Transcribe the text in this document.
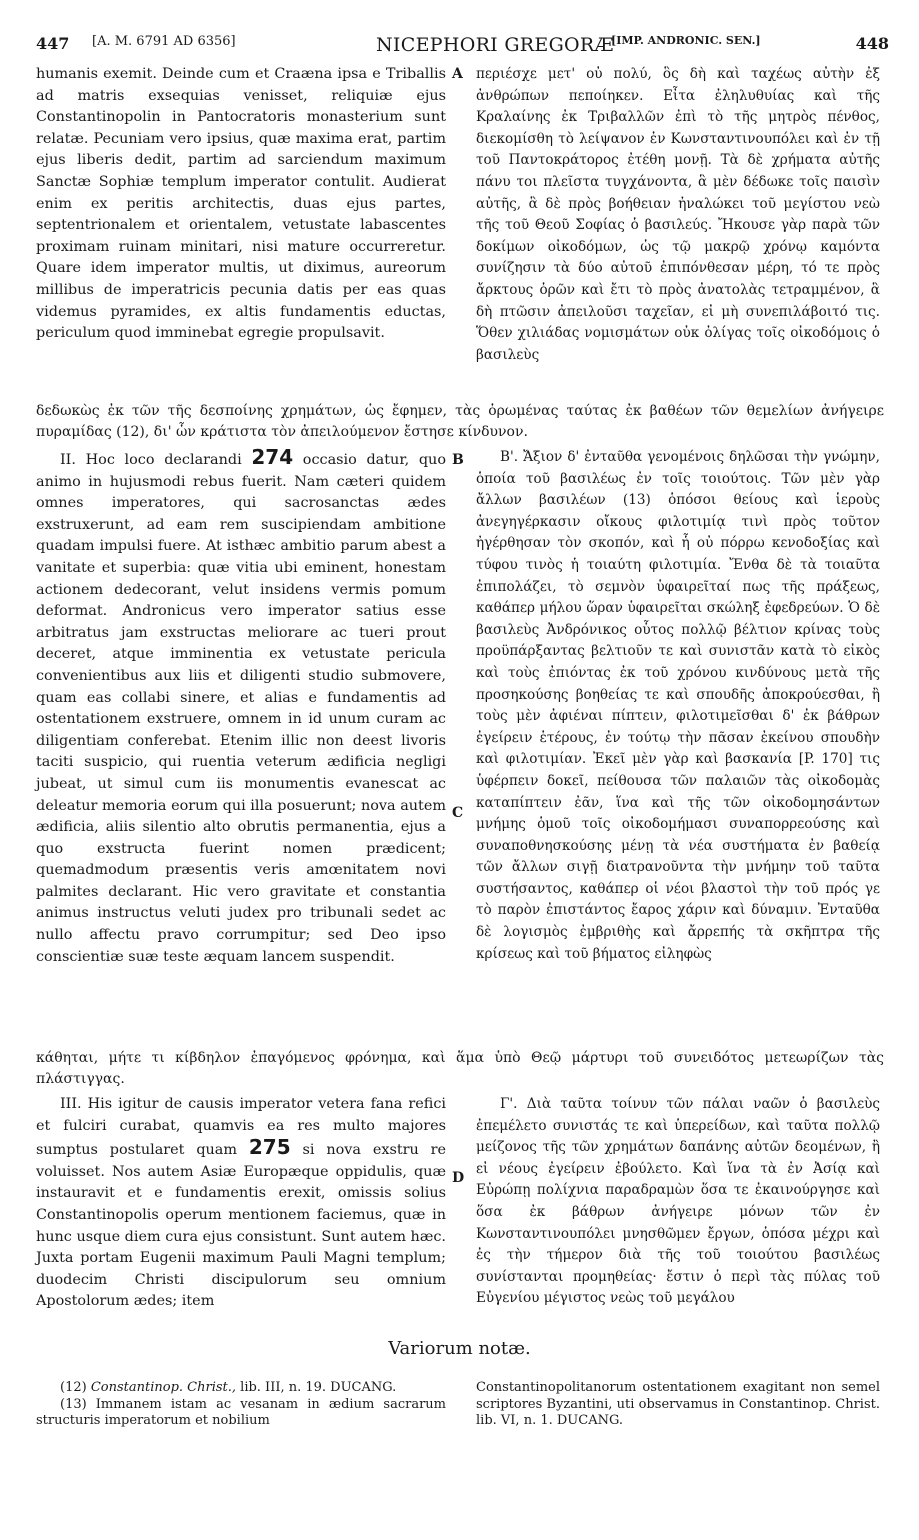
447 [A. M. 6791 AD 6356]	NICEPHORI GREGORÆ
[IMP. ANDRONIC. SEN.]	448

humanis exemit. Deinde cum et Craæna ipsa e Triballis ad matris exsequias venisset, reliquiæ ejus Constantinopolin in Pantocratoris monasterium sunt relatæ. Pecuniam vero ipsius, quæ maxima erat, partim ejus liberis dedit, partim ad sarciendum maximum Sanctæ Sophiæ templum imperator contulit. Audierat enim ex peritis architectis, duas ejus partes, septentrionalem et orientalem, vetustate labascentes proximam ruinam minitari, nisi mature occurreretur. Quare idem imperator multis, ut diximus, aureorum millibus de imperatricis pecunia datis per eas quas videmus pyramides, ex altis fundamentis eductas, periculum quod imminebat egregie propulsavit.

A περιέσχε μετ' οὐ πολύ, ὃς δὴ καὶ ταχέως αὐτὴν ἐξ ἀνθρώπων πεποίηκεν. Εἶτα ἐληλυθυίας καὶ τῆς Κραλαίνης ἐκ Τριβαλλῶν ἐπὶ τὸ τῆς μητρὸς πένθος, διεκομίσθη τὸ λείψανον ἐν Κωνσταντινουπόλει καὶ ἐν τῇ τοῦ Παντοκράτορος ἐτέθη μονῇ. Τὰ δὲ χρήματα αὐτῆς πάνυ τοι πλεῖστα τυγχάνοντα, ἃ μὲν δέδωκε τοῖς παισὶν αὐτῆς, ἃ δὲ πρὸς βοήθειαν ἠναλώκει τοῦ μεγίστου νεὼ τῆς τοῦ Θεοῦ Σοφίας ὁ βασιλεύς. Ἤκουσε γὰρ παρὰ τῶν δοκίμων οἰκοδόμων, ὡς τῷ μακρῷ χρόνῳ καμόντα συνίζησιν τὰ δύο αὐτοῦ ἐπιπόνθεσαν μέρη, τό τε πρὸς ἄρκτους ὁρῶν καὶ ἔτι τὸ πρὸς ἀνατολὰς τετραμμένον, ἃ δὴ πτῶσιν ἀπειλοῦσι ταχεῖαν, εἰ μὴ συνεπιλάβοιτό τις. Ὅθεν χιλιάδας νομισμάτων οὐκ ὀλίγας τοῖς οἰκοδόμοις ὁ βασιλεὺς

δεδωκὼς ἐκ τῶν τῆς δεσποίνης χρημάτων, ὡς ἔφημεν, τὰς ὁρωμένας ταύτας ἐκ βαθέων τῶν θεμελίων ἀνήγειρε πυραμίδας (12), δι' ὧν κράτιστα τὸν ἀπειλούμενον ἔστησε κίνδυνον.

II. Hoc loco declarandi 274 occasio datur, quo animo in hujusmodi rebus fuerit. Nam cæteri quidem omnes imperatores, qui sacrosanctas ædes exstruxerunt, ad eam rem suscipiendam ambitione quadam impulsi fuere. At isthæc ambitio parum abest a vanitate et superbia: quæ vitia ubi eminent, honestam actionem dedecorant, velut insidens vermis pomum deformat. Andronicus vero imperator satius esse arbitratus jam exstructas meliorare ac tueri prout deceret, atque imminentia ex vetustate pericula convenientibus aux liis et diligenti studio submovere, quam eas collabi sinere, et alias e fundamentis ad ostentationem exstruere, omnem in id unum curam ac diligentiam conferebat. Etenim illic non deest livoris taciti suspicio, qui ruentia veterum ædificia negligi jubeat, ut simul cum iis monumentis evanescat ac deleatur memoria eorum qui illa posuerunt; nova autem ædificia, aliis silentio alto obrutis permanentia, ejus a quo exstructa fuerint nomen prædicent; quemadmodum præsentis veris amœnitatem novi palmites declarant. Hic vero gravitate et constantia animus instructus veluti judex pro tribunali sedet ac nullo affectu pravo corrumpitur; sed Deo ipso conscientiæ suæ teste æquam lancem suspendit.

B
C

Β'. Ἄξιον δ' ἐνταῦθα γενομένοις δηλῶσαι τὴν γνώμην, ὁποία τοῦ βασιλέως ἐν τοῖς τοιούτοις. Τῶν μὲν γὰρ ἄλλων βασιλέων (13) ὁπόσοι θείους καὶ ἱεροὺς ἀνεγηγέρκασιν οἴκους φιλοτιμίᾳ τινὶ πρὸς τοῦτον ἠγέρθησαν τὸν σκοπόν, καὶ ἧ οὐ πόρρω κενοδοξίας καὶ τύφου τινὸς ἡ τοιαύτη φιλοτιμία. Ἔνθα δὲ τὰ τοιαῦτα ἐπιπολάζει, τὸ σεμνὸν ὑφαιρεῖταί πως τῆς πράξεως, καθάπερ μήλου ὥραν ὑφαιρεῖται σκώληξ ἐφεδρεύων. Ὁ δὲ βασιλεὺς Ἀνδρόνικος οὗτος πολλῷ βέλτιον κρίνας τοὺς προϋπάρξαντας βελτιοῦν τε καὶ συνιστᾶν κατὰ τὸ εἰκὸς καὶ τοὺς ἐπιόντας ἐκ τοῦ χρόνου κινδύνους μετὰ τῆς προσηκούσης βοηθείας τε καὶ σπουδῆς ἀποκρούεσθαι, ἢ τοὺς μὲν ἀφιέναι πίπτειν, φιλοτιμεῖσθαι δ' ἐκ βάθρων ἐγείρειν ἑτέρους, ἐν τούτῳ τὴν πᾶσαν ἐκείνου σπουδὴν καὶ φιλοτιμίαν. Ἐκεῖ μὲν γὰρ καὶ βασκανία [P. 170] τις ὑφέρπειν δοκεῖ, πείθουσα τῶν παλαιῶν τὰς οἰκοδομὰς καταπίπτειν ἐᾶν, ἵνα καὶ τῆς τῶν οἰκοδομησάντων μνήμης ὁμοῦ τοῖς οἰκοδομήμασι συναπορρεούσης καὶ συναποθνησκούσης μένῃ τὰ νέα συστήματα ἐν βαθείᾳ τῶν ἄλλων σιγῇ διατρανοῦντα τὴν μνήμην τοῦ ταῦτα συστήσαντος, καθάπερ οἱ νέοι βλαστοὶ τὴν τοῦ πρός γε τὸ παρὸν ἐπιστάντος ἔαρος χάριν καὶ δύναμιν. Ἐνταῦθα δὲ λογισμὸς ἐμβριθὴς καὶ ἄρρεπής τὰ σκῆπτρα τῆς κρίσεως καὶ τοῦ βήματος εἰληφὼς

κάθηται, μήτε τι κίβδηλον ἐπαγόμενος φρόνημα, καὶ ἅμα ὑπὸ Θεῷ μάρτυρι τοῦ συνειδότος μετεωρίζων τὰς πλάστιγγας.

III. His igitur de causis imperator vetera fana refici et fulciri curabat, quamvis ea res multo majores sumptus postularet quam 275 si nova exstru re voluisset. Nos autem Asiæ Europæque oppidulis, quæ instauravit et e fundamentis erexit, omissis solius Constantinopolis operum mentionem faciemus, quæ in hunc usque diem cura ejus consistunt. Sunt autem hæc. Juxta portam Eugenii maximum Pauli Magni templum; duodecim Christi discipulorum seu omnium Apostolorum ædes; item

D

Γ'. Διὰ ταῦτα τοίνυν τῶν πάλαι ναῶν ὁ βασιλεὺς ἐπεμέλετο συνιστάς τε καὶ ὑπερείδων, καὶ ταῦτα πολλῷ μείζονος τῆς τῶν χρημάτων δαπάνης αὐτῶν δεομένων, ἢ εἰ νέους ἐγείρειν ἐβούλετο. Καὶ ἵνα τὰ ἐν Ἀσίᾳ καὶ Εὐρώπῃ πολίχνια παραδραμὼν ὅσα τε ἐκαινούργησε καὶ ὅσα ἐκ βάθρων ἀνήγειρε μόνων τῶν ἐν Κωνσταντινουπόλει μνησθῶμεν ἔργων, ὁπόσα μέχρι καὶ ἐς τὴν τήμερον διὰ τῆς τοῦ τοιούτου βασιλέως συνίστανται προμηθείας· ἔστιν ὁ περὶ τὰς πύλας τοῦ Εὐγενίου μέγιστος νεὼς τοῦ μεγάλου

Variorum notæ.
(12) Constantinop. Christ., lib. III, n. 19. DUCANG.
(13) Immanem istam ac vesanam in ædium sacrarum structuris imperatorum et nobilium
Constantinopolitanorum ostentationem exagitant non semel scriptores Byzantini, uti observamus in Constantinop. Christ. lib. VI, n. 1. DUCANG.
